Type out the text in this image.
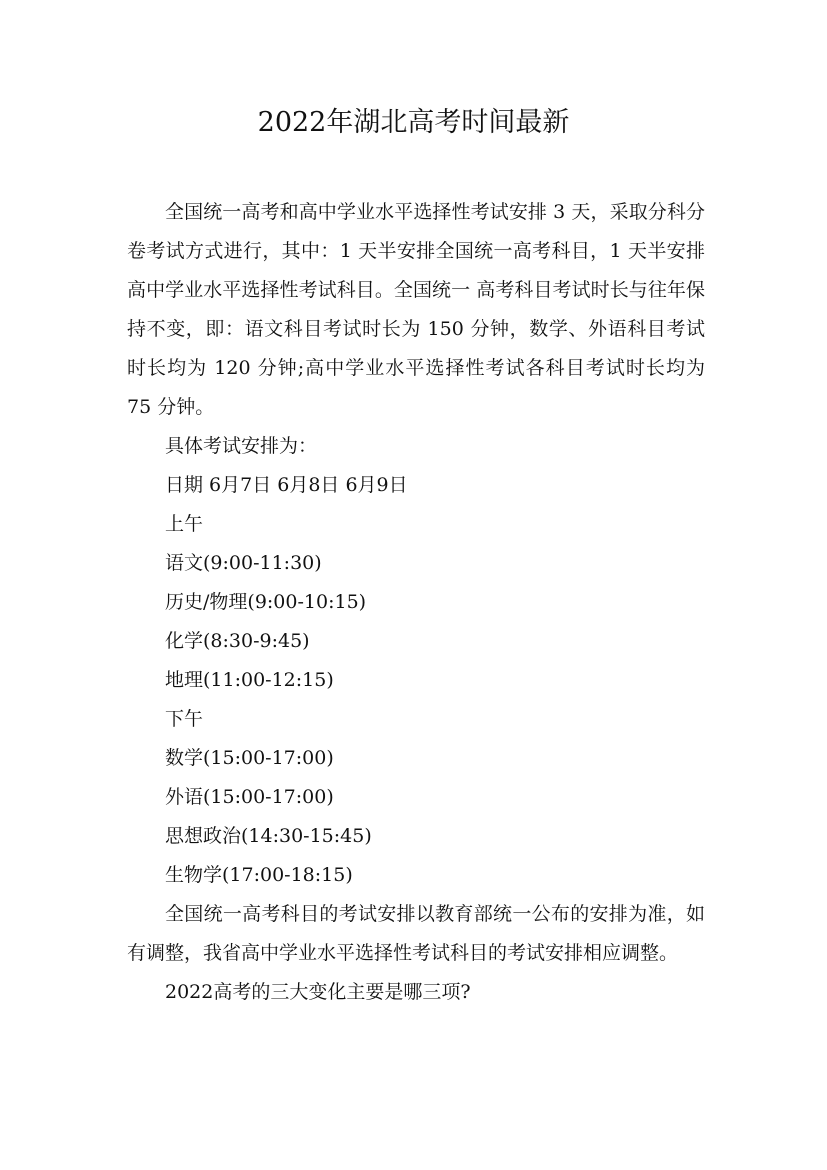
2022年湖北高考时间最新

全国统一高考和高中学业水平选择性考试安排 3 天，采取分科分卷考试方式进行，其中：1 天半安排全国统一高考科目，1 天半安排高中学业水平选择性考试科目。全国统一 高考科目考试时长与往年保持不变，即：语文科目考试时长为 150 分钟，数学、外语科目考试时长均为 120 分钟;高中学业水平选择性考试各科目考试时长均为 75 分钟。

具体考试安排为：

日期 6月7日 6月8日 6月9日

上午

语文(9:00-11:30)

历史/物理(9:00-10:15)

化学(8:30-9:45)

地理(11:00-12:15)

下午

数学(15:00-17:00)

外语(15:00-17:00)

思想政治(14:30-15:45)

生物学(17:00-18:15)

全国统一高考科目的考试安排以教育部统一公布的安排为准，如有调整，我省高中学业水平选择性考试科目的考试安排相应调整。

2022高考的三大变化主要是哪三项?
